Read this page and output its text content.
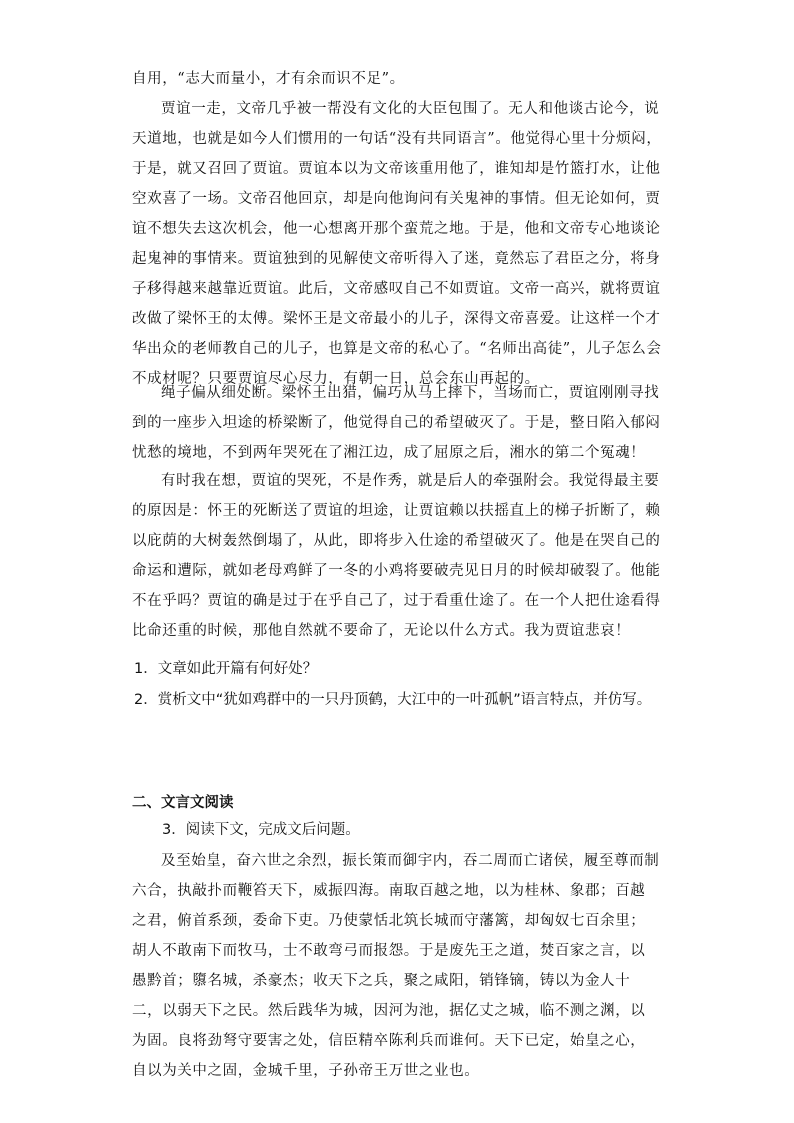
自用，“志大而量小，才有余而识不足”。

贾谊一走，文帝几乎被一帮没有文化的大臣包围了。无人和他谈古论今，说天道地，也就是如今人们惯用的一句话“没有共同语言”。他觉得心里十分烦闷，于是，就又召回了贾谊。贾谊本以为文帝该重用他了，谁知却是竹篮打水，让他空欢喜了一场。文帝召他回京，却是向他询问有关鬼神的事情。但无论如何，贾谊不想失去这次机会，他一心想离开那个蛮荒之地。于是，他和文帝专心地谈论起鬼神的事情来。贾谊独到的见解使文帝听得入了迷，竟然忘了君臣之分，将身子移得越来越靠近贾谊。此后，文帝感叹自己不如贾谊。文帝一高兴，就将贾谊改做了梁怀王的太傅。梁怀王是文帝最小的儿子，深得文帝喜爱。让这样一个才华出众的老师教自己的儿子，也算是文帝的私心了。“名师出高徒”，儿子怎么会不成材呢？只要贾谊尽心尽力，有朝一日，总会东山再起的。

绳子偏从细处断。梁怀王出猎，偏巧从马上摔下，当场而亡，贾谊刚刚寻找到的一座步入坦途的桥梁断了，他觉得自己的希望破灭了。于是，整日陷入郁闷忧愁的境地，不到两年哭死在了湘江边，成了屈原之后，湘水的第二个冤魂！

有时我在想，贾谊的哭死，不是作秀，就是后人的牵强附会。我觉得最主要的原因是：怀王的死断送了贾谊的坦途，让贾谊赖以扶摇直上的梯子折断了，赖以庇荫的大树轰然倒塌了，从此，即将步入仕途的希望破灭了。他是在哭自己的命运和遭际，就如老母鸡鲜了一冬的小鸡将要破壳见日月的时候却破裂了。他能不在乎吗？贾谊的确是过于在乎自己了，过于看重仕途了。在一个人把仕途看得比命还重的时候，那他自然就不要命了，无论以什么方式。我为贾谊悲哀！

1．文章如此开篇有何好处？

2．赏析文中“犹如鸡群中的一只丹顶鹤，大江中的一叶孤帆”语言特点，并仿写。

二、文言文阅读

3．阅读下文，完成文后问题。

及至始皇，奋六世之余烈，振长策而御宇内，吞二周而亡诸侯，履至尊而制六合，执敲扑而鞭笞天下，威振四海。南取百越之地，以为桂林、象郡；百越之君，俯首系颈，委命下吏。乃使蒙恬北筑长城而守藩篱，却匈奴七百余里；胡人不敢南下而牧马，士不敢弯弓而报怨。于是废先王之道，焚百家之言，以愚黔首；隳名城，杀豪杰；收天下之兵，聚之咸阳，销锋镝，铸以为金人十二，以弱天下之民。然后践华为城，因河为池，据亿丈之城，临不测之渊，以为固。良将劲弩守要害之处，信臣精卒陈利兵而谁何。天下已定，始皇之心，自以为关中之固，金城千里，子孙帝王万世之业也。
